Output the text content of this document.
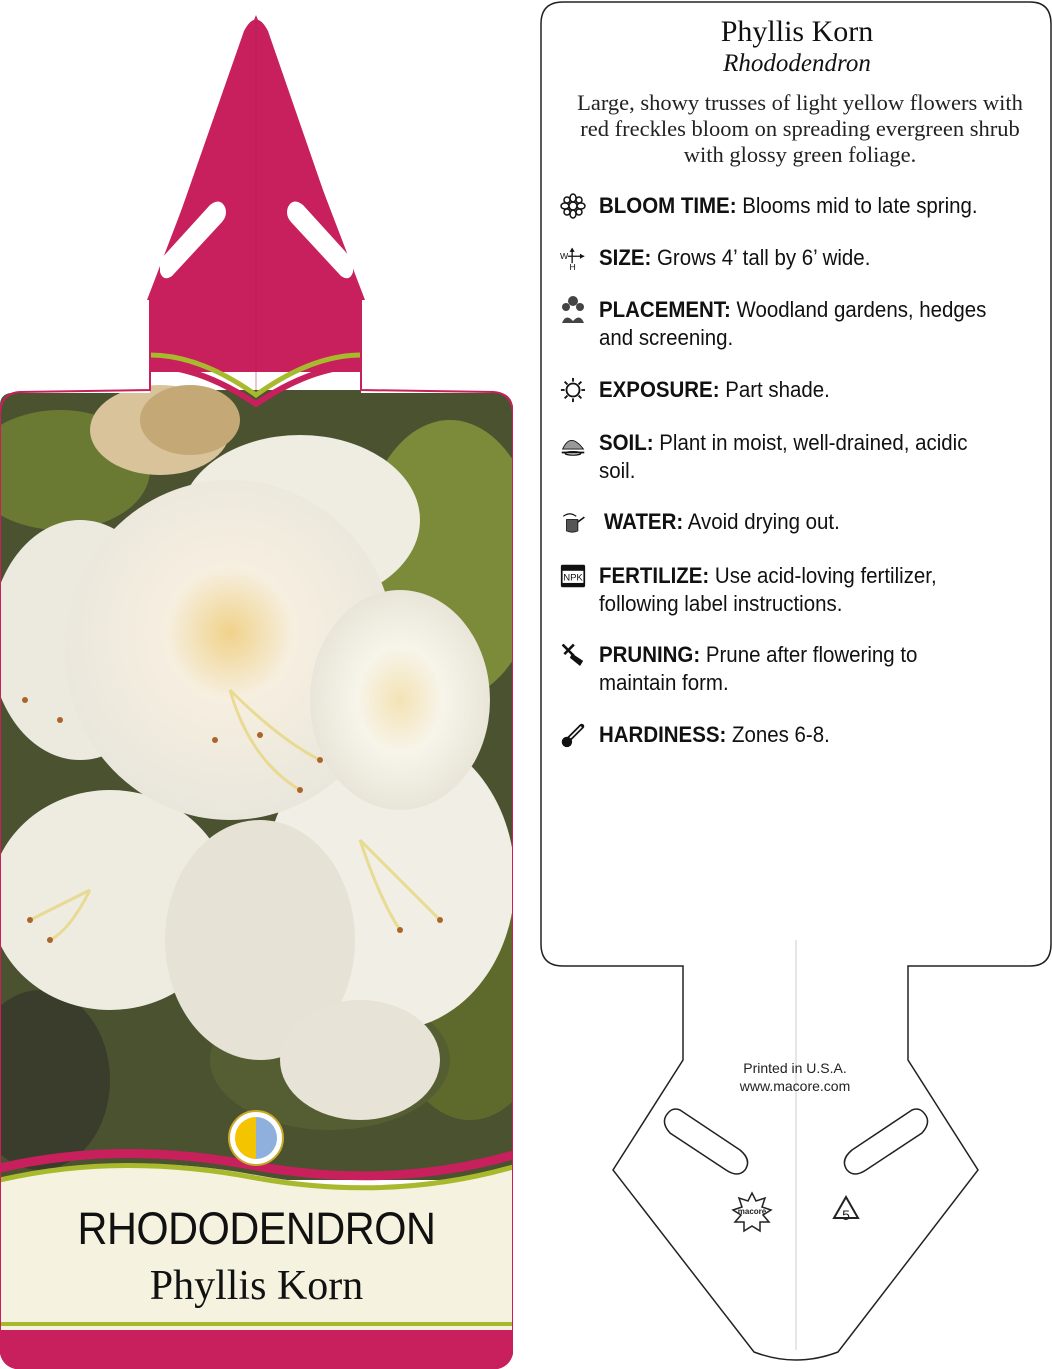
RHODODENDRON
Phyllis Korn
macore	5
Phyllis Korn
Rhododendron
Large, showy trusses of light yellow flowers with red freckles bloom on spreading evergreen shrub with glossy green foliage.
BLOOM TIME: Blooms mid to late spring.
W
H SIZE: Grows 4’ tall by 6’ wide.
PLACEMENT: Woodland gardens, hedges and screening.
EXPOSURE: Part shade.
SOIL: Plant in moist, well-drained, acidic soil.
WATER: Avoid drying out.
NPK FERTILIZE: Use acid-loving fertilizer, following label instructions.
PRUNING: Prune after flowering to maintain form.
HARDINESS: Zones 6-8.
Printed in U.S.A.
www.macore.com
